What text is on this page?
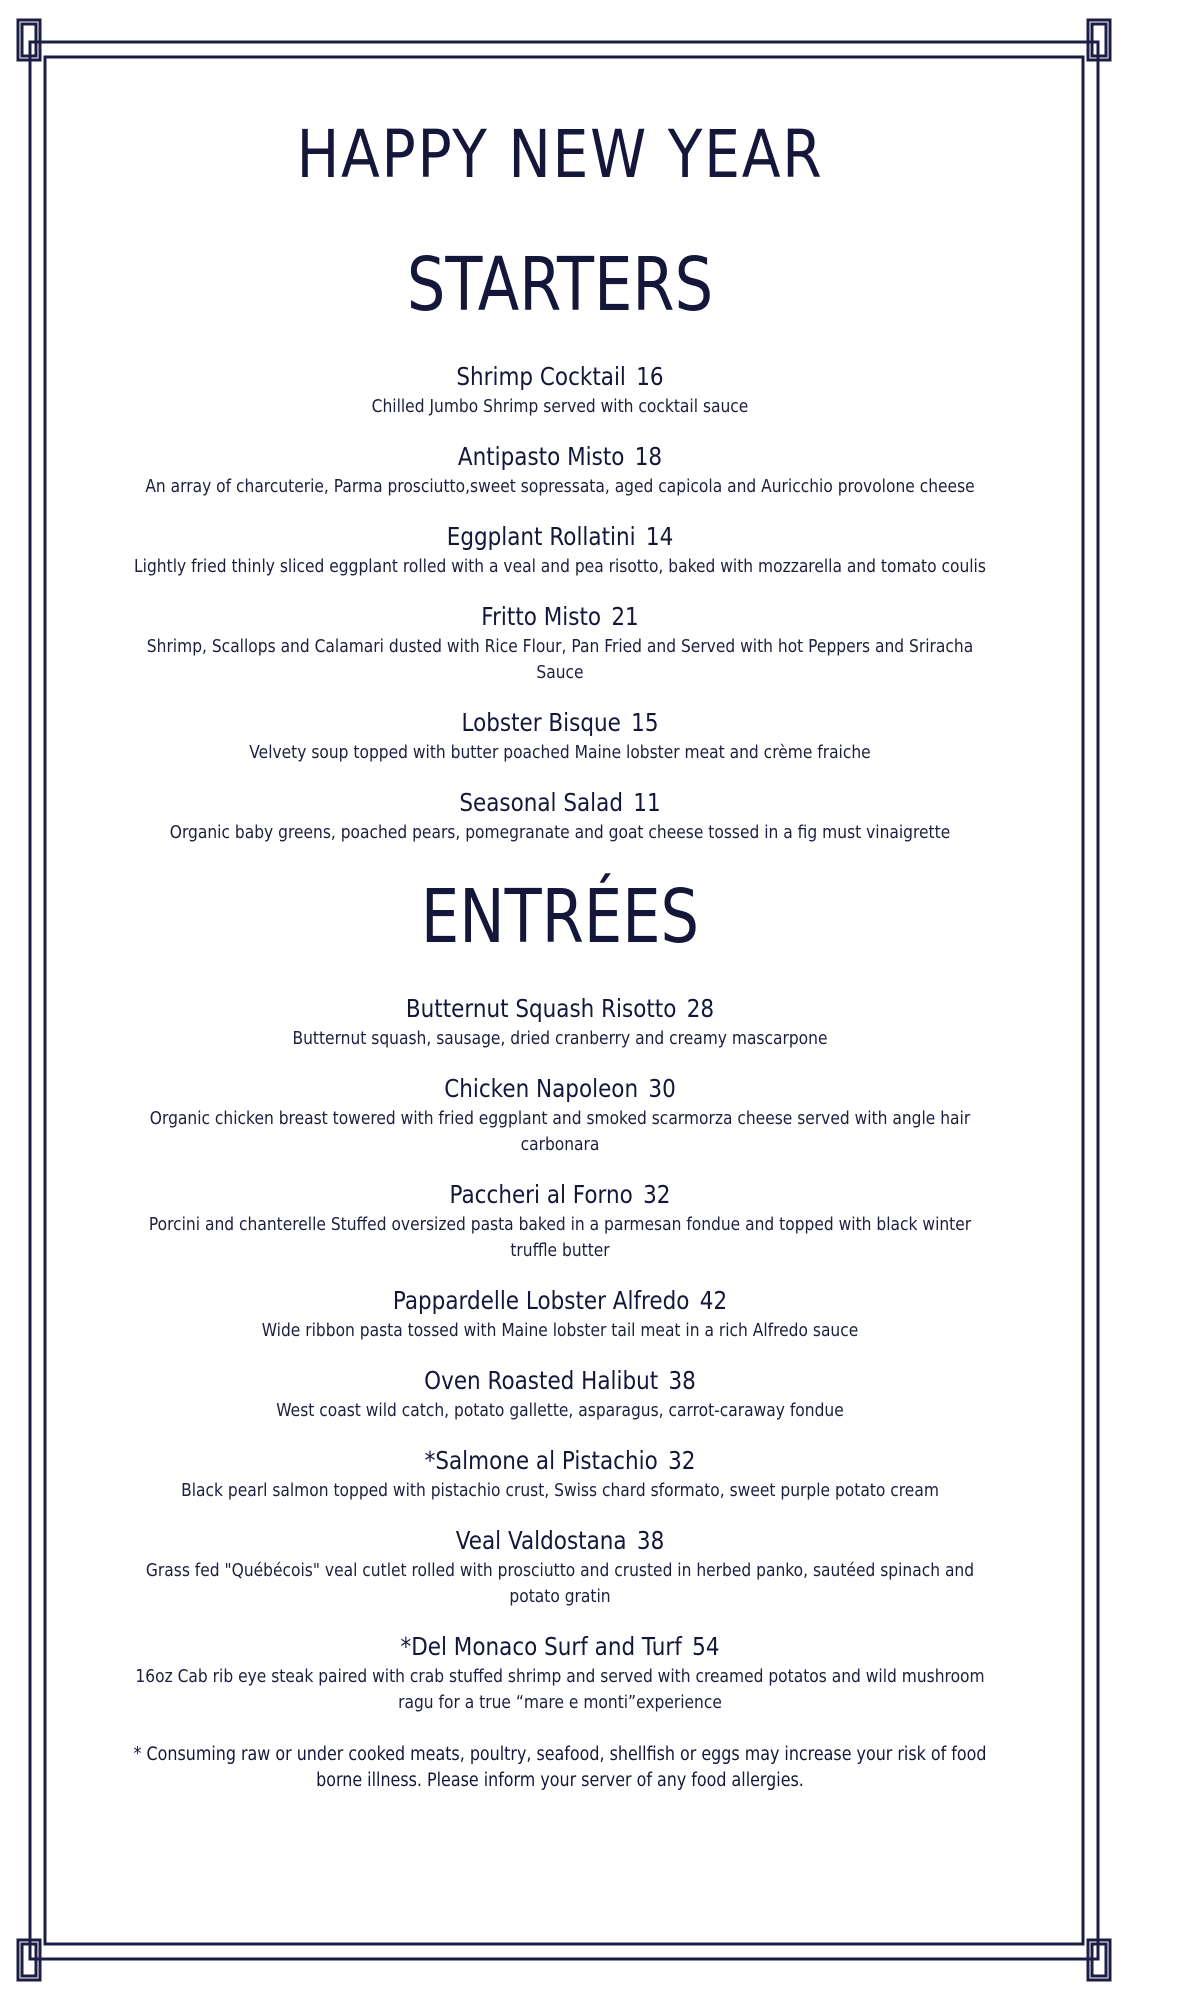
HAPPY NEW YEAR
STARTERS
Shrimp Cocktail 16
Chilled Jumbo Shrimp served with cocktail sauce
Antipasto Misto 18
An array of charcuterie, Parma prosciutto,sweet sopressata, aged capicola and Auricchio provolone cheese
Eggplant Rollatini 14
Lightly fried thinly sliced eggplant rolled with a veal and pea risotto, baked with mozzarella and tomato coulis
Fritto Misto 21
Shrimp, Scallops and Calamari dusted with Rice Flour, Pan Fried and Served with hot Peppers and Sriracha Sauce
Lobster Bisque 15
Velvety soup topped with butter poached Maine lobster meat and crème fraiche
Seasonal Salad 11
Organic baby greens, poached pears, pomegranate and goat cheese tossed in a fig must vinaigrette
ENTRÉES
Butternut Squash Risotto 28
Butternut squash, sausage, dried cranberry and creamy mascarpone
Chicken Napoleon 30
Organic chicken breast towered with fried eggplant and smoked scarmorza cheese served with angle hair carbonara
Paccheri al Forno 32
Porcini and chanterelle Stuffed oversized pasta baked in a parmesan fondue and topped with black winter truffle butter
Pappardelle Lobster Alfredo 42
Wide ribbon pasta tossed with Maine lobster tail meat in a rich Alfredo sauce
Oven Roasted Halibut 38
West coast wild catch, potato gallette, asparagus, carrot-caraway fondue
*Salmone al Pistachio 32
Black pearl salmon topped with pistachio crust, Swiss chard sformato, sweet purple potato cream
Veal Valdostana 38
Grass fed "Québécois" veal cutlet rolled with prosciutto and crusted in herbed panko, sautéed spinach and potato gratin
*Del Monaco Surf and Turf 54
16oz Cab rib eye steak paired with crab stuffed shrimp and served with creamed potatos and wild mushroom ragu for a true “mare e monti”experience
* Consuming raw or under cooked meats, poultry, seafood, shellfish or eggs may increase your risk of food borne illness. Please inform your server of any food allergies.
